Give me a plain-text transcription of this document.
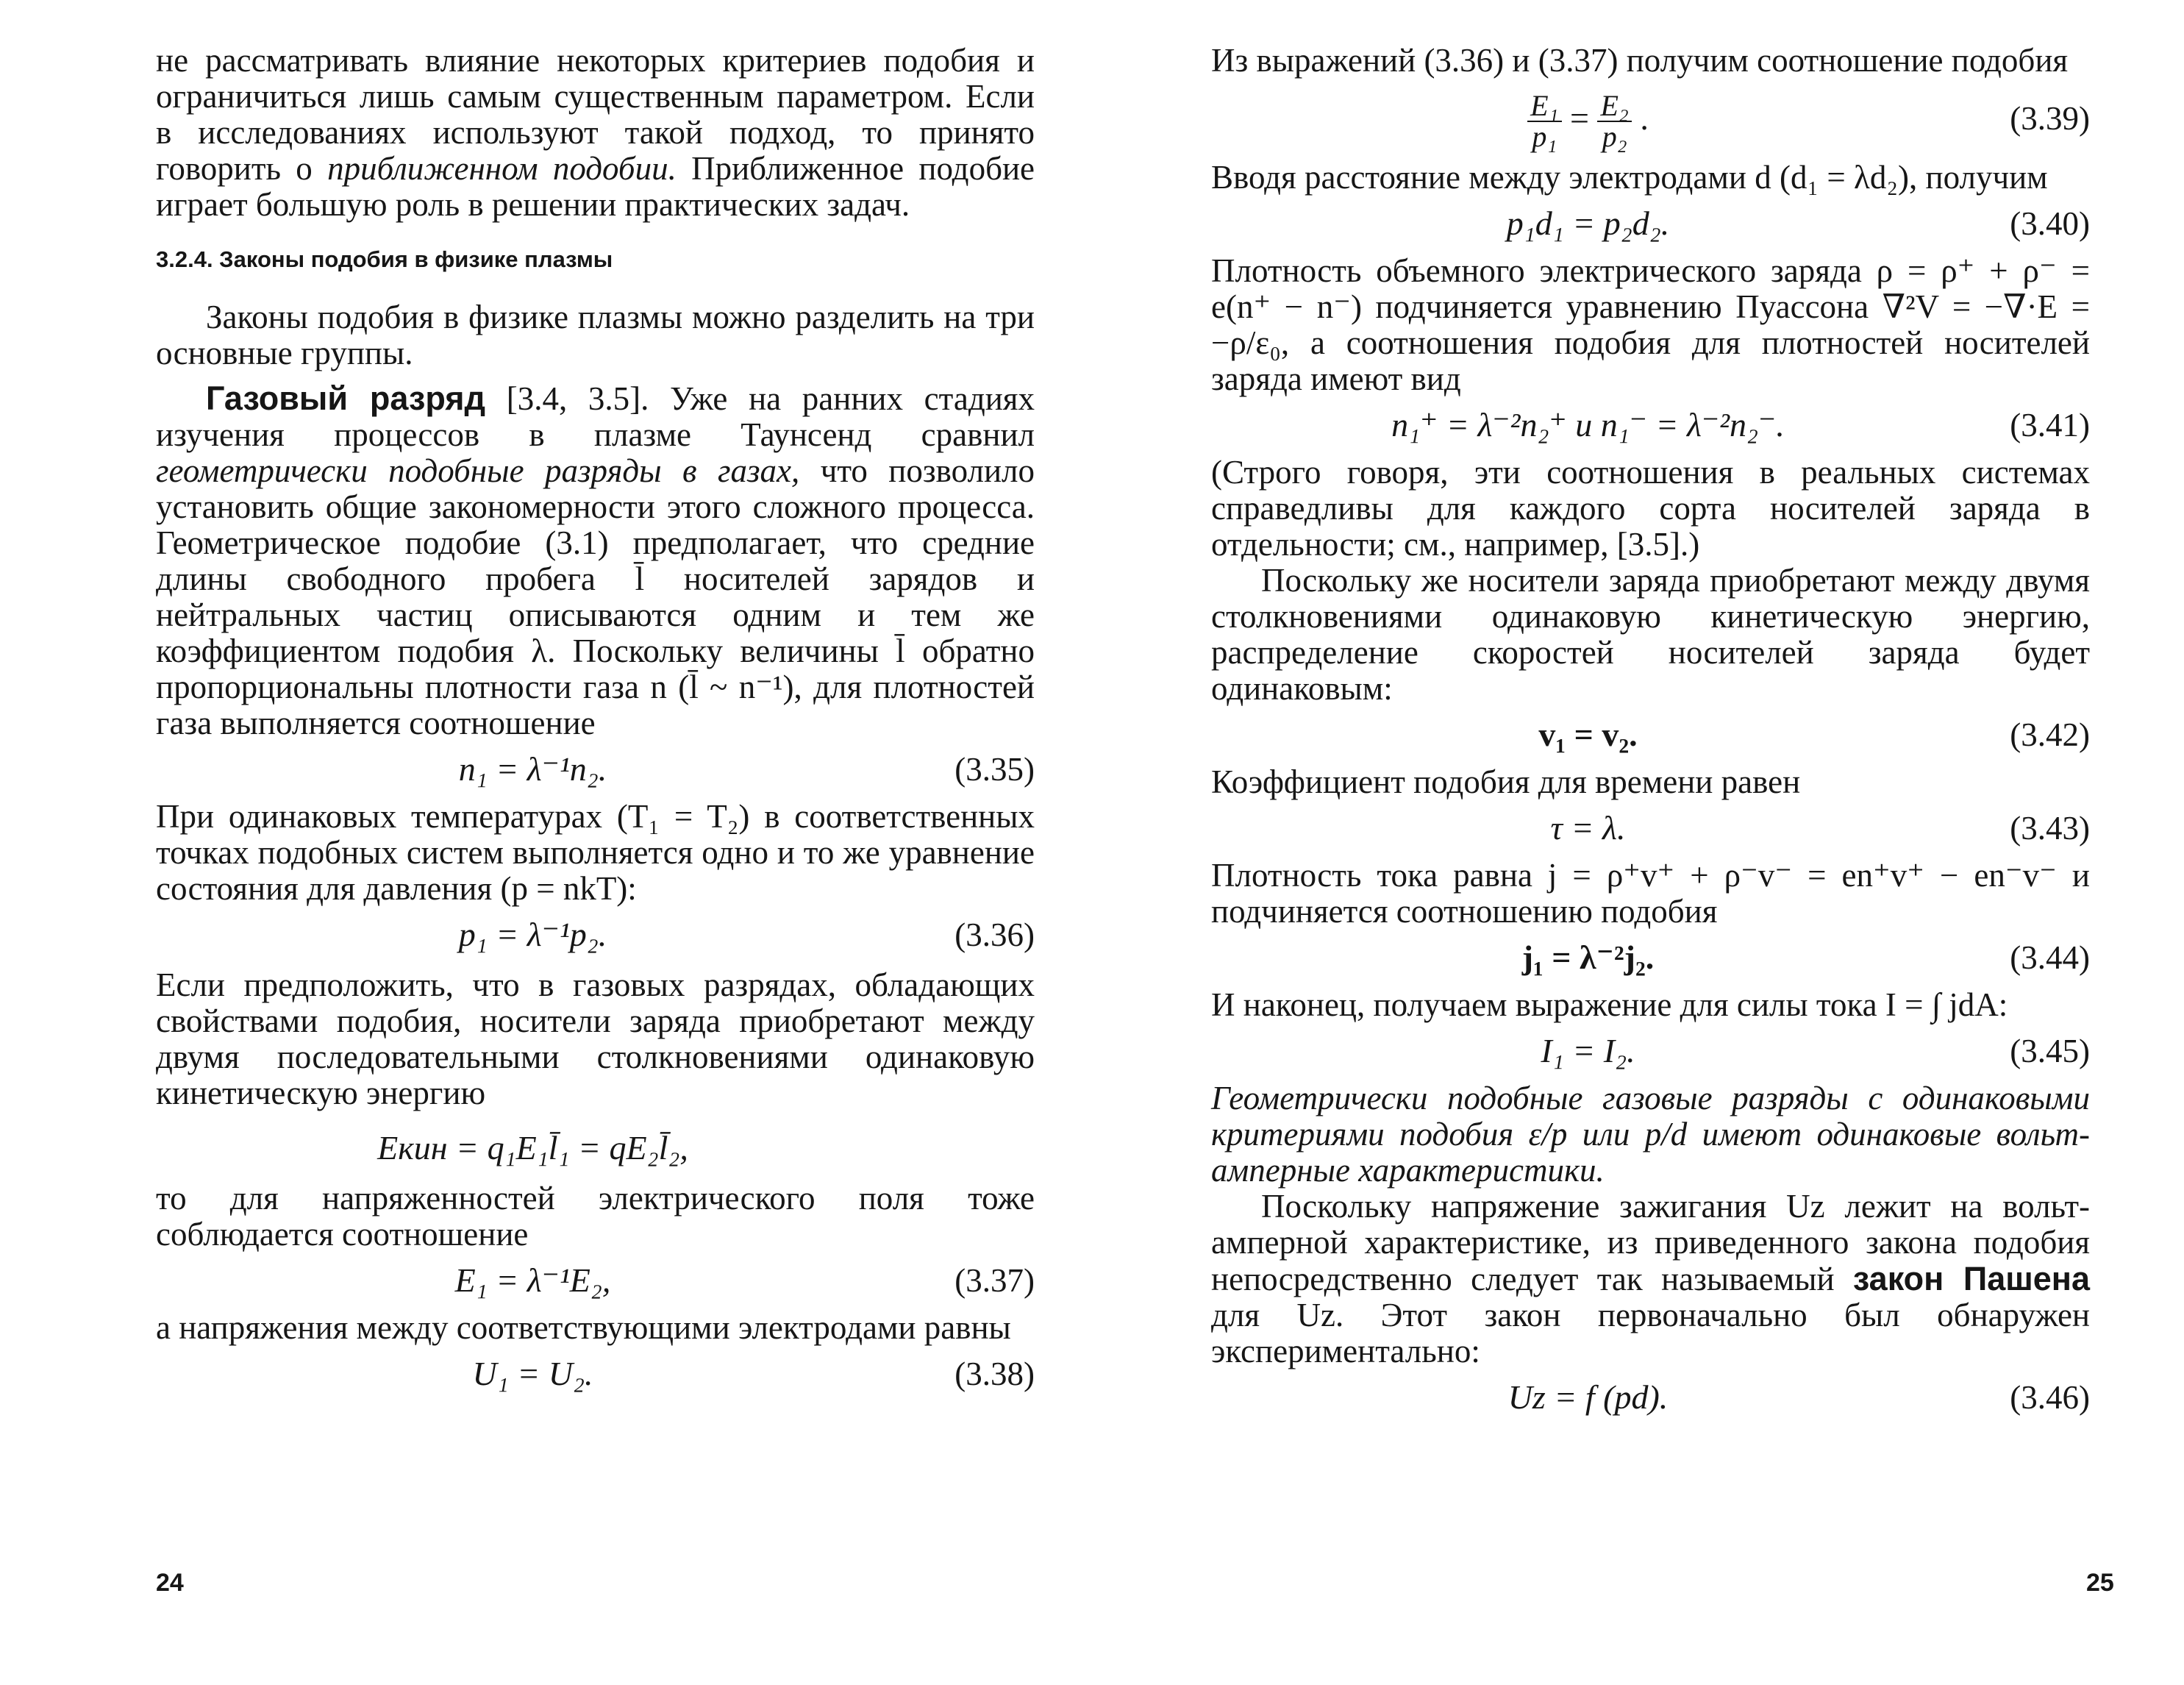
не рассматривать влияние некоторых критериев подобия и ограничиться лишь самым существенным параметром. Если в исследованиях используют такой подход, то принято говорить о приближенном подобии. Приближенное подобие играет большую роль в решении практических задач.

3.2.4. Законы подобия в физике плазмы

Законы подобия в физике плазмы можно разделить на три основные группы.

Газовый разряд [3.4, 3.5]. Уже на ранних стадиях изучения процессов в плазме Таунсенд сравнил геометрически подобные разряды в газах, что позволило установить общие закономерности этого сложного процесса. Геометрическое подобие (3.1) предполагает, что средние длины свободного пробега l̄ носителей зарядов и нейтральных частиц описываются одним и тем же коэффициентом подобия λ. Поскольку величины l̄ обратно пропорциональны плотности газа n (l̄ ~ n⁻¹), для плотностей газа выполняется соотношение

n₁ = λ⁻¹n₂.	(3.35)

При одинаковых температурах (T₁ = T₂) в соответственных точках подобных систем выполняется одно и то же уравнение состояния для давления (p = nkT):

p₁ = λ⁻¹p₂.	(3.36)

Если предположить, что в газовых разрядах, обладающих свойствами подобия, носители заряда приобретают между двумя последовательными столкновениями одинаковую кинетическую энергию

Eкин = q₁E₁l̄₁ = qE₂l̄₂,

то для напряженностей электрического поля тоже соблюдается соотношение

E₁ = λ⁻¹E₂,	(3.37)

а напряжения между соответствующими электродами равны

U₁ = U₂.	(3.38)
24

Из выражений (3.36) и (3.37) получим соотношение подобия

$\frac{\text{E₁}}{\text{p₁}} = \frac{\text{E₂}}{\text{p₂}}$ .	(3.39)

Вводя расстояние между электродами d (d₁ = λd₂), получим

p₁d₁ = p₂d₂.	(3.40)

Плотность объемного электрического заряда ρ = ρ⁺ + ρ⁻ = e(n⁺ − n⁻) подчиняется уравнению Пуассона ∇²V = −∇·E = −ρ/ε₀, а соотношения подобия для плотностей носителей заряда имеют вид

n₁⁺ = λ⁻²n₂⁺ и n₁⁻ = λ⁻²n₂⁻.	(3.41)

(Строго говоря, эти соотношения в реальных системах справедливы для каждого сорта носителей заряда в отдельности; см., например, [3.5].)

Поскольку же носители заряда приобретают между двумя столкновениями одинаковую кинетическую энергию, распределение скоростей носителей заряда будет одинаковым:

v₁ = v₂.	(3.42)

Коэффициент подобия для времени равен

τ = λ.	(3.43)

Плотность тока равна j = ρ⁺v⁺ + ρ⁻v⁻ = en⁺v⁺ − en⁻v⁻ и подчиняется соотношению подобия

j₁ = λ⁻²j₂.	(3.44)

И наконец, получаем выражение для силы тока I = ∫ jdA:

I₁ = I₂.	(3.45)

Геометрически подобные газовые разряды с одинаковыми критериями подобия ε/p или p/d имеют одинаковые вольт-амперные характеристики.

Поскольку напряжение зажигания Uz лежит на вольт-амперной характеристике, из приведенного закона подобия непосредственно следует так называемый закон Пашена для Uz. Этот закон первоначально был обнаружен экспериментально:

Uz = f (pd).	(3.46)
25
